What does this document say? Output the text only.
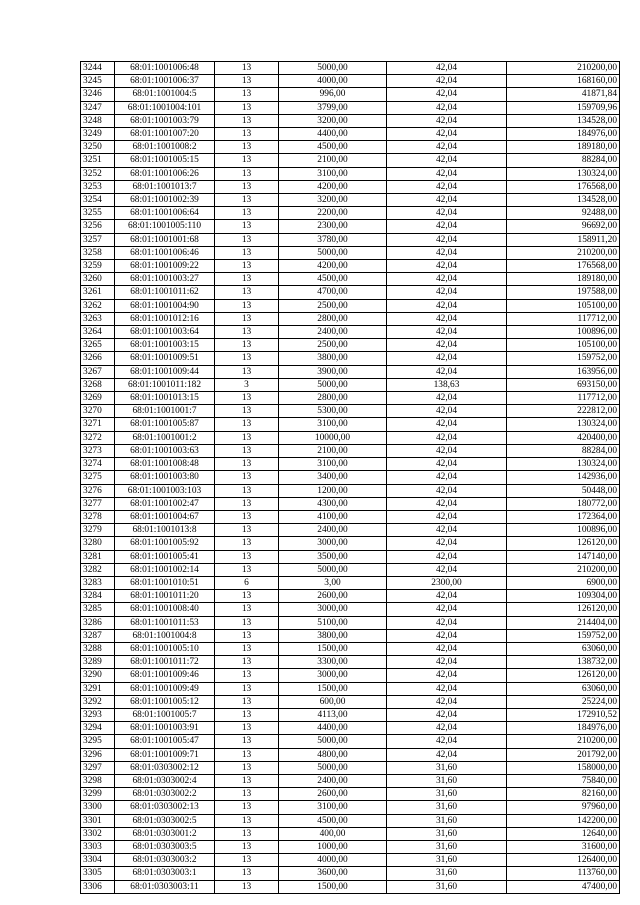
3244	68:01:1001006:48	13	5000,00	42,04	210200,00
3245	68:01:1001006:37	13	4000,00	42,04	168160,00
3246	68:01:1001004:5	13	996,00	42,04	41871,84
3247	68:01:1001004:101	13	3799,00	42,04	159709,96
3248	68:01:1001003:79	13	3200,00	42,04	134528,00
3249	68:01:1001007:20	13	4400,00	42,04	184976,00
3250	68:01:1001008:2	13	4500,00	42,04	189180,00
3251	68:01:1001005:15	13	2100,00	42,04	88284,00
3252	68:01:1001006:26	13	3100,00	42,04	130324,00
3253	68:01:1001013:7	13	4200,00	42,04	176568,00
3254	68:01:1001002:39	13	3200,00	42,04	134528,00
3255	68:01:1001006:64	13	2200,00	42,04	92488,00
3256	68:01:1001005:110	13	2300,00	42,04	96692,00
3257	68:01:1001001:68	13	3780,00	42,04	158911,20
3258	68:01:1001006:46	13	5000,00	42,04	210200,00
3259	68:01:1001009:22	13	4200,00	42,04	176568,00
3260	68:01:1001003:27	13	4500,00	42,04	189180,00
3261	68:01:1001011:62	13	4700,00	42,04	197588,00
3262	68:01:1001004:90	13	2500,00	42,04	105100,00
3263	68:01:1001012:16	13	2800,00	42,04	117712,00
3264	68:01:1001003:64	13	2400,00	42,04	100896,00
3265	68:01:1001003:15	13	2500,00	42,04	105100,00
3266	68:01:1001009:51	13	3800,00	42,04	159752,00
3267	68:01:1001009:44	13	3900,00	42,04	163956,00
3268	68:01:1001011:182	3	5000,00	138,63	693150,00
3269	68:01:1001013:15	13	2800,00	42,04	117712,00
3270	68:01:1001001:7	13	5300,00	42,04	222812,00
3271	68:01:1001005:87	13	3100,00	42,04	130324,00
3272	68:01:1001001:2	13	10000,00	42,04	420400,00
3273	68:01:1001003:63	13	2100,00	42,04	88284,00
3274	68:01:1001008:48	13	3100,00	42,04	130324,00
3275	68:01:1001003:80	13	3400,00	42,04	142936,00
3276	68:01:1001003:103	13	1200,00	42,04	50448,00
3277	68:01:1001002:47	13	4300,00	42,04	180772,00
3278	68:01:1001004:67	13	4100,00	42,04	172364,00
3279	68:01:1001013:8	13	2400,00	42,04	100896,00
3280	68:01:1001005:92	13	3000,00	42,04	126120,00
3281	68:01:1001005:41	13	3500,00	42,04	147140,00
3282	68:01:1001002:14	13	5000,00	42,04	210200,00
3283	68:01:1001010:51	6	3,00	2300,00	6900,00
3284	68:01:1001011:20	13	2600,00	42,04	109304,00
3285	68:01:1001008:40	13	3000,00	42,04	126120,00
3286	68:01:1001011:53	13	5100,00	42,04	214404,00
3287	68:01:1001004:8	13	3800,00	42,04	159752,00
3288	68:01:1001005:10	13	1500,00	42,04	63060,00
3289	68:01:1001011:72	13	3300,00	42,04	138732,00
3290	68:01:1001009:46	13	3000,00	42,04	126120,00
3291	68:01:1001009:49	13	1500,00	42,04	63060,00
3292	68:01:1001005:12	13	600,00	42,04	25224,00
3293	68:01:1001005:7	13	4113,00	42,04	172910,52
3294	68:01:1001003:91	13	4400,00	42,04	184976,00
3295	68:01:1001005:47	13	5000,00	42,04	210200,00
3296	68:01:1001009:71	13	4800,00	42,04	201792,00
3297	68:01:0303002:12	13	5000,00	31,60	158000,00
3298	68:01:0303002:4	13	2400,00	31,60	75840,00
3299	68:01:0303002:2	13	2600,00	31,60	82160,00
3300	68:01:0303002:13	13	3100,00	31,60	97960,00
3301	68:01:0303002:5	13	4500,00	31,60	142200,00
3302	68:01:0303001:2	13	400,00	31,60	12640,00
3303	68:01:0303003:5	13	1000,00	31,60	31600,00
3304	68:01:0303003:2	13	4000,00	31,60	126400,00
3305	68:01:0303003:1	13	3600,00	31,60	113760,00
3306	68:01:0303003:11	13	1500,00	31,60	47400,00
